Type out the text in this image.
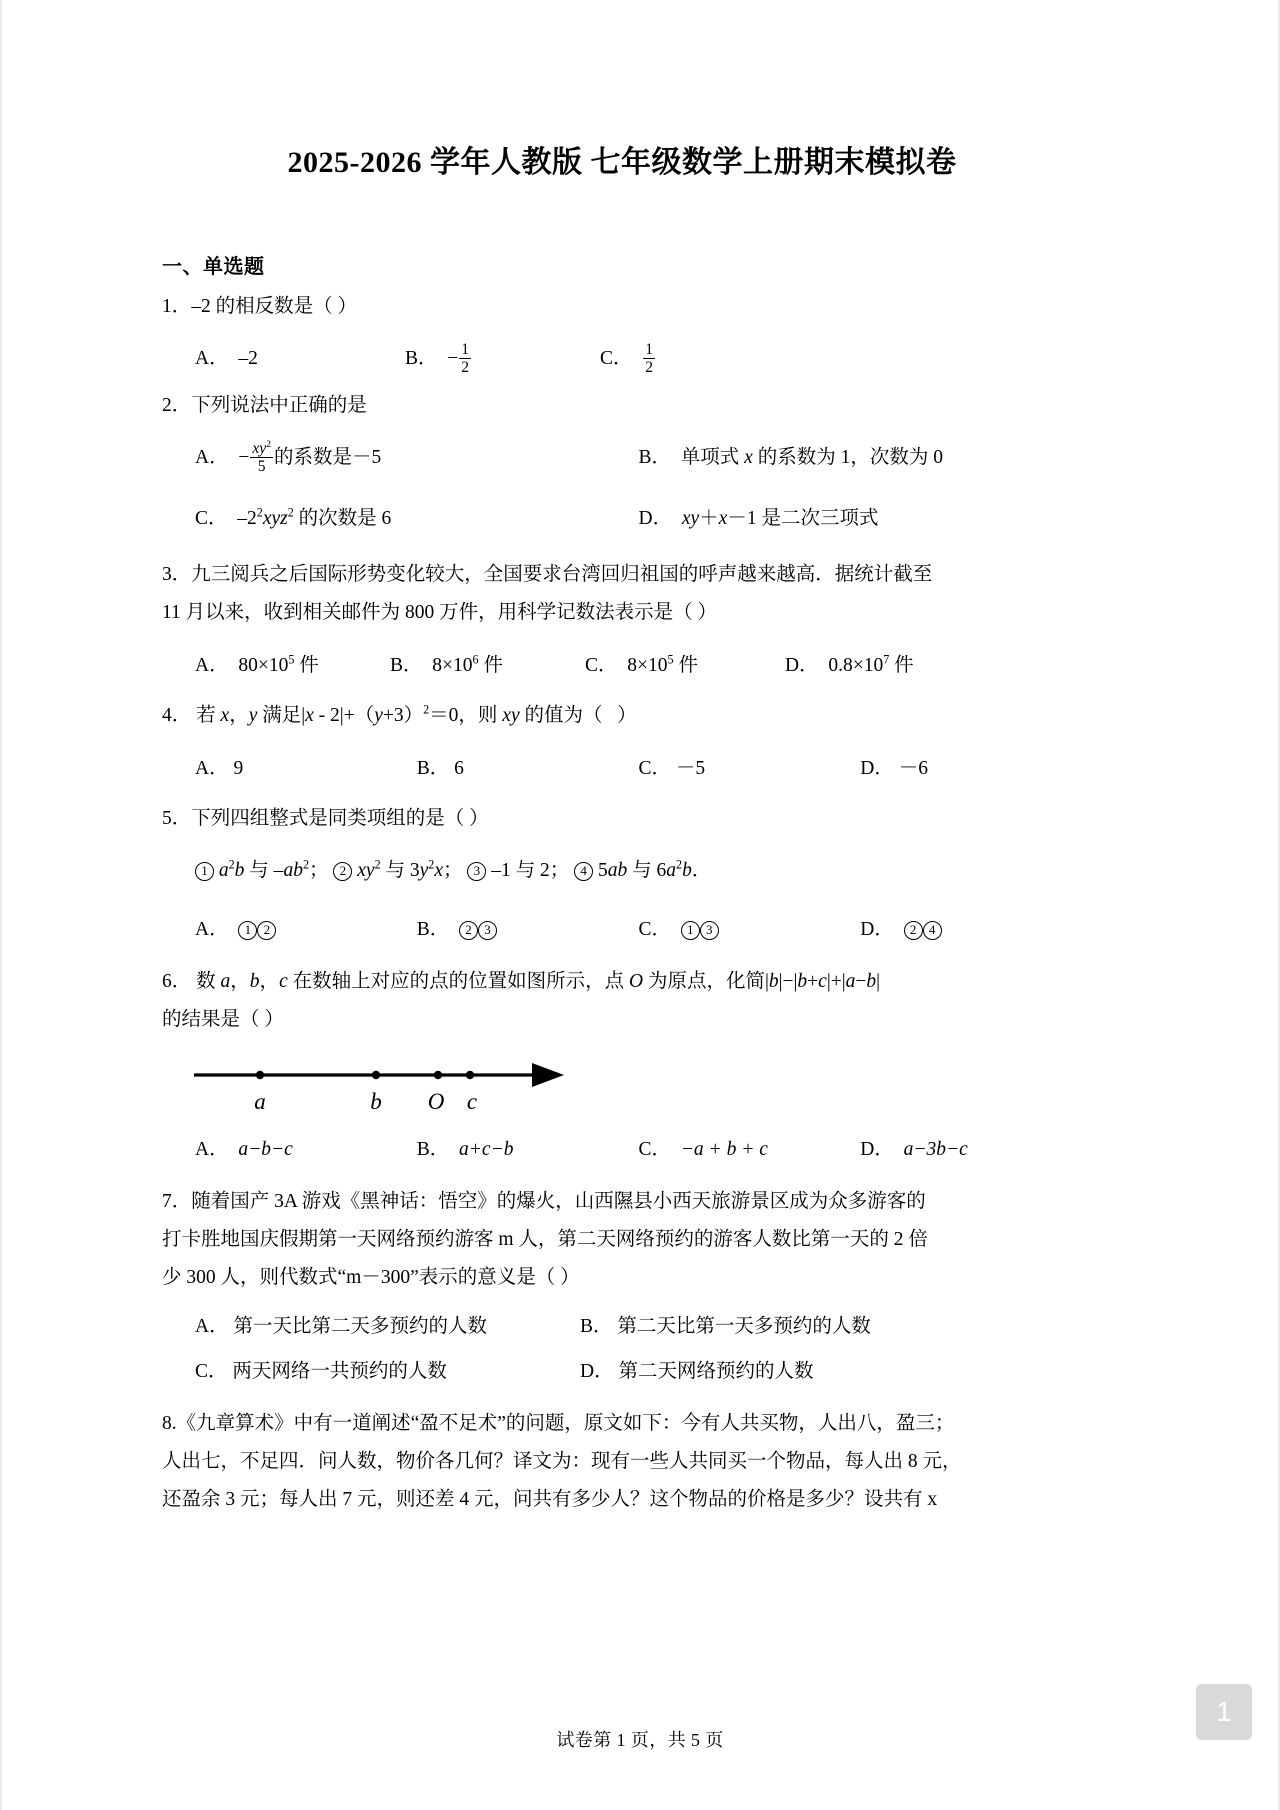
2025-2026 学年人教版 七年级数学上册期末模拟卷
一、单选题
1．–2 的相反数是（ ）
A．  –2	B．  − $\frac{1}{2}$	C． $\frac{1}{2}$
2．下列说法中正确的是
A．  − $\frac{xy^2}{5}$ 的系数是－5	B．  单项式 x 的系数为 1，次数为 0
C．  $-2^2xyz^2$ 的次数是 6	D． xy＋x－1 是二次三项式
3．九三阅兵之后国际形势变化较大，全国要求台湾回归祖国的呼声越来越高．据统计截至
11 月以来，收到相关邮件为 800 万件，用科学记数法表示是（ ）
A．  $80\times 10^5$ 件	B．  $8\times 10^6$ 件	C．  $8\times 10^5$ 件	D．  $0.8\times 10^7$ 件
4． 若 x，y 满足$|x - 2|+(y+3)^2=0$，则 xy 的值为（   ）
A． 9	B． 6	C． －5	D． －6
5．下列四组整式是同类项组的是（ ）
1 $a^2b$ 与 $-ab^2$； 2 $xy^2$ 与 $3y^2x$； 3 –1 与 2； 4 5ab 与 $6a^2b$．
A． 1 2	B． 2 3	C． 1 3	D． 2 4
6． 数 a，b，c 在数轴上对应的点的位置如图所示，点 O 为原点，化简|b|−|b+c|+|a−b|
的结果是（ ）
a	b O c
A． a−b−c	B． a+c−b	C． −a + b + c	D． a−3b−c
7．随着国产 3A 游戏《黑神话：悟空》的爆火，山西隰县小西天旅游景区成为众多游客的
打卡胜地国庆假期第一天网络预约游客 m 人，第二天网络预约的游客人数比第一天的 2 倍
少 300 人，则代数式“m－300”表示的意义是（ ）
A． 第一天比第二天多预约的人数	B． 第二天比第一天多预约的人数
C． 两天网络一共预约的人数	D． 第二天网络预约的人数
8.《九章算术》中有一道阐述“盈不足术”的问题，原文如下：今有人共买物，人出八，盈三；
人出七，不足四．问人数，物价各几何？译文为：现有一些人共同买一个物品，每人出 8 元，
还盈余 3 元；每人出 7 元，则还差 4 元，问共有多少人？这个物品的价格是多少？设共有 x
试卷第 1 页，共 5 页
1
